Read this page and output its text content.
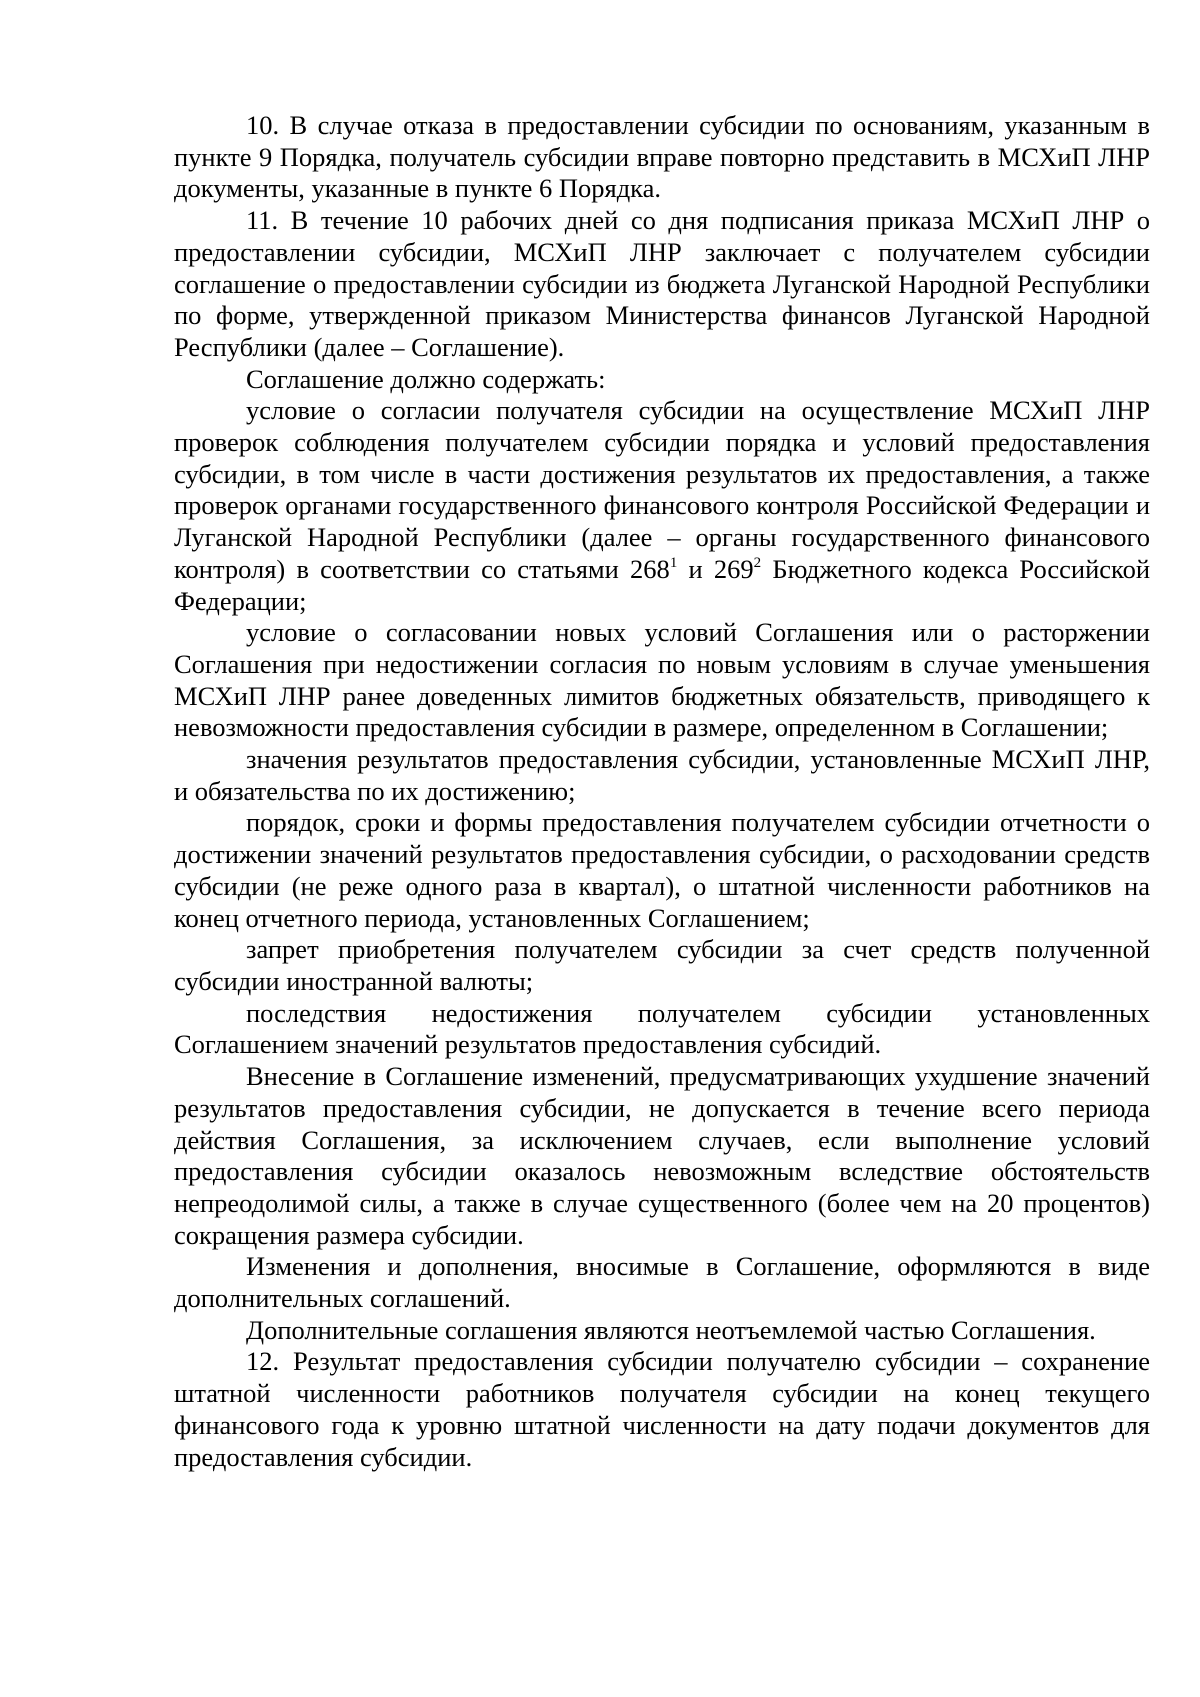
10. В случае отказа в предоставлении субсидии по основаниям, указанным в пункте 9 Порядка, получатель субсидии вправе повторно представить в МСХиП ЛНР документы, указанные в пункте 6 Порядка.

11. В течение 10 рабочих дней со дня подписания приказа МСХиП ЛНР о предоставлении субсидии, МСХиП ЛНР заключает с получателем субсидии соглашение о предоставлении субсидии из бюджета Луганской Народной Республики по форме, утвержденной приказом Министерства финансов Луганской Народной Республики (далее – Соглашение).

Соглашение должно содержать:

условие о согласии получателя субсидии на осуществление МСХиП ЛНР проверок соблюдения получателем субсидии порядка и условий предоставления субсидии, в том числе в части достижения результатов их предоставления, а также проверок органами государственного финансового контроля Российской Федерации и Луганской Народной Республики (далее – органы государственного финансового контроля) в соответствии со статьями $268^1$ и $269^2$ Бюджетного кодекса Российской Федерации;

условие о согласовании новых условий Соглашения или о расторжении Соглашения при недостижении согласия по новым условиям в случае уменьшения МСХиП ЛНР ранее доведенных лимитов бюджетных обязательств, приводящего к невозможности предоставления субсидии в размере, определенном в Соглашении;

значения результатов предоставления субсидии, установленные МСХиП ЛНР, и обязательства по их достижению;

порядок, сроки и формы предоставления получателем субсидии отчетности о достижении значений результатов предоставления субсидии, о расходовании средств субсидии (не реже одного раза в квартал), о штатной численности работников на конец отчетного периода, установленных Соглашением;

запрет приобретения получателем субсидии за счет средств полученной субсидии иностранной валюты;

последствия недостижения получателем субсидии установленных Соглашением значений результатов предоставления субсидий.

Внесение в Соглашение изменений, предусматривающих ухудшение значений результатов предоставления субсидии, не допускается в течение всего периода действия Соглашения, за исключением случаев, если выполнение условий предоставления субсидии оказалось невозможным вследствие обстоятельств непреодолимой силы, а также в случае существенного (более чем на 20 процентов) сокращения размера субсидии.

Изменения и дополнения, вносимые в Соглашение, оформляются в виде дополнительных соглашений.

Дополнительные соглашения являются неотъемлемой частью Соглашения.

12. Результат предоставления субсидии получателю субсидии – сохранение штатной численности работников получателя субсидии на конец текущего финансового года к уровню штатной численности на дату подачи документов для предоставления субсидии.
